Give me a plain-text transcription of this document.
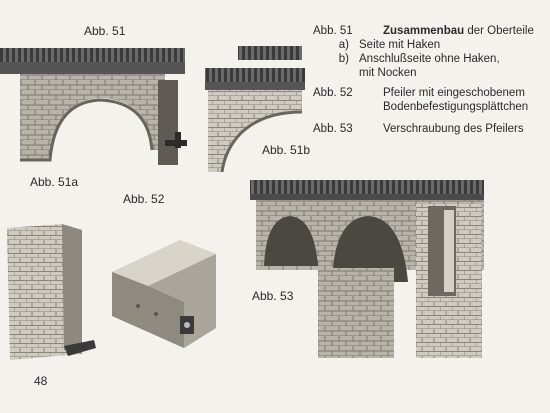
Abb. 51
Abb. 51a
Abb. 51b
Abb. 52
Abb. 53
Abb. 51	Zusammenbau der Oberteile
a) Seite mit Haken
b) Anschlußseite ohne Haken,
mit Nocken
Abb. 52	Pfeiler mit eingeschobenem
Bodenbefestigungsplättchen
Abb. 53	Verschraubung des Pfeilers
48
